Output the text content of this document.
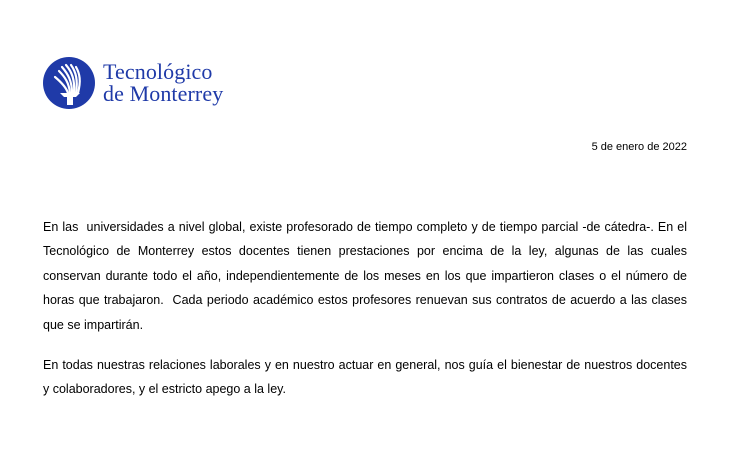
Tecnológico
de Monterrey
5 de enero de 2022

En las  universidades a nivel global, existe profesorado de tiempo completo y de tiempo parcial -de cátedra-. En el Tecnológico de Monterrey estos docentes tienen prestaciones por encima de la ley, algunas de las cuales conservan durante todo el año, independientemente de los meses en los que impartieron clases o el número de horas que trabajaron.  Cada periodo académico estos profesores renuevan sus contratos de acuerdo a las clases que se impartirán.

En todas nuestras relaciones laborales y en nuestro actuar en general, nos guía el bienestar de nuestros docentes y colaboradores, y el estricto apego a la ley.
